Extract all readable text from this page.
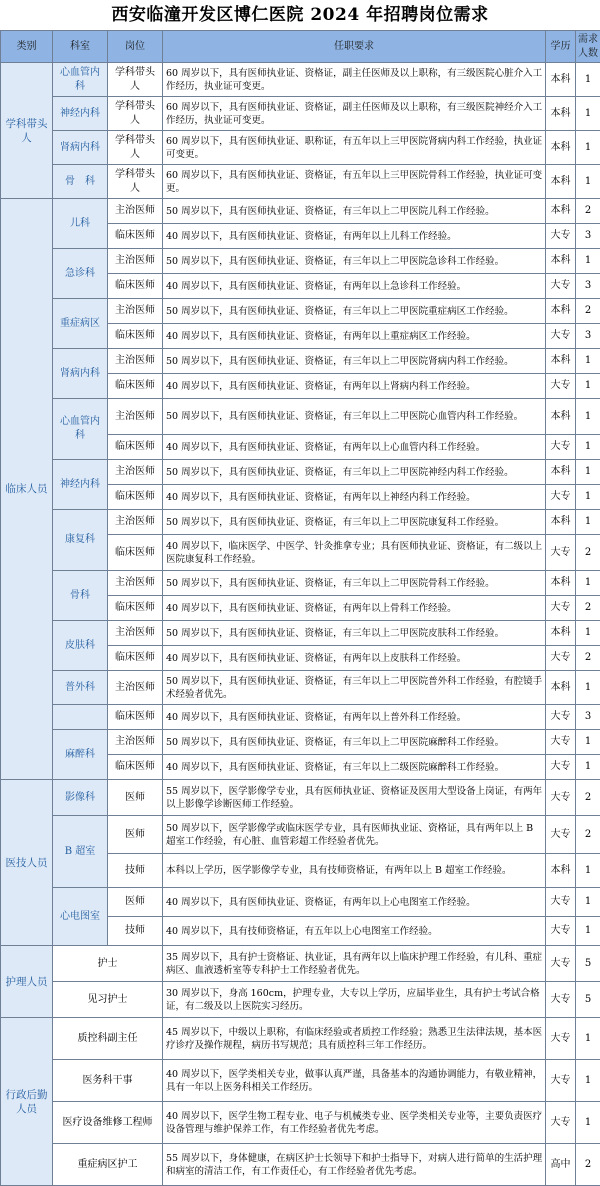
西安临潼开发区博仁医院 2024 年招聘岗位需求
类别	科室	岗位	任职要求	学历	需求人数
学科带头人	心血管内科	学科带头人	60 周岁以下，具有医师执业证、资格证，副主任医师及以上职称，有三级医院心脏介入工作经历，执业证可变更。	本科	1
	神经内科	学科带头人	60 周岁以下，具有医师执业证、资格证，副主任医师及以上职称，有三级医院神经介入工作经历，执业证可变更。	本科	1
	肾病内科	学科带头人	60 周岁以下，具有医师执业证、职称证，有五年以上三甲医院肾病内科工作经验，执业证可变更。	本科	1
	骨　科	学科带头人	60 周岁以下，具有医师执业证、资格证，有五年以上三甲医院骨科工作经验，执业证可变更。	本科	1
临床人员	儿科	主治医师	50 周岁以下，具有医师执业证、资格证，有三年以上二甲医院儿科工作经验。	本科	2
		临床医师	40 周岁以下，具有医师执业证、资格证，有两年以上儿科工作经验。	大专	3
	急诊科	主治医师	50 周岁以下，具有医师执业证、资格证，有三年以上二甲医院急诊科工作经验。	本科	1
		临床医师	40 周岁以下，具有医师执业证、资格证，有两年以上急诊科工作经验。	大专	3
	重症病区	主治医师	50 周岁以下，具有医师执业证、资格证，有三年以上二甲医院重症病区工作经验。	本科	2
		临床医师	40 周岁以下，具有医师执业证、资格证，有两年以上重症病区工作经验。	大专	3
	肾病内科	主治医师	50 周岁以下，具有医师执业证、资格证，有三年以上二甲医院肾病内科工作经验。	本科	1
		临床医师	40 周岁以下，具有医师执业证、资格证，有两年以上肾病内科工作经验。	大专	1
	心血管内科	主治医师	50 周岁以下，具有医师执业证、资格证，有三年以上二甲医院心血管内科工作经验。	本科	1
		临床医师	40 周岁以下，具有医师执业证、资格证，有两年以上心血管内科工作经验。	大专	1
	神经内科	主治医师	50 周岁以下，具有医师执业证、资格证，有三年以上二甲医院神经内科工作经验。	本科	1
		临床医师	40 周岁以下，具有医师执业证、资格证，有两年以上神经内科工作经验。	大专	1
	康复科	主治医师	50 周岁以下，具有医师执业证、资格证，有三年以上二甲医院康复科工作经验。	本科	1
		临床医师	40 周岁以下，临床医学、中医学、针灸推拿专业；具有医师执业证、资格证，有二级以上医院康复科工作经验。	大专	2
	骨科	主治医师	50 周岁以下，具有医师执业证、资格证，有三年以上二甲医院骨科工作经验。	本科	1
		临床医师	40 周岁以下，具有医师执业证、资格证，有两年以上骨科工作经验。	大专	2
	皮肤科	主治医师	50 周岁以下，具有医师执业证、资格证，有三年以上二甲医院皮肤科工作经验。	本科	1
		临床医师	40 周岁以下，具有医师执业证、资格证，有两年以上皮肤科工作经验。	大专	2
	普外科	主治医师	50 周岁以下，具有医师执业证、资格证，有三年以上二甲医院普外科工作经验，有腔镜手术经验者优先。	本科	1
		临床医师	40 周岁以下，具有医师执业证、资格证，有两年以上普外科工作经验。	大专	3
	麻醉科	主治医师	50 周岁以下，具有医师执业证、资格证，有三年以上二甲医院麻醉科工作经验。	大专	1
		临床医师	40 周岁以下，具有医师执业证、资格证，有三年以上二级医院麻醉科工作经验。	大专	1
医技人员	影像科	医师	55 周岁以下，医学影像学专业，具有医师执业证、资格证及医用大型设备上岗证，有两年以上影像学诊断医师工作经验。	大专	2
	B 超室	医师	50 周岁以下，医学影像学或临床医学专业，具有医师执业证、资格证，具有两年以上 B 超室工作经验，有心脏、血管彩超工作经验者优先。	大专	2
		技师	本科以上学历，医学影像学专业，具有技师资格证，有两年以上 B 超室工作经验。	本科	1
	心电图室	医师	40 周岁以下，具有医师执业证、资格证，有两年以上心电图室工作经验。	大专	1
		技师	40 周岁以下，具有技师资格证，有五年以上心电图室工作经验。	大专	1
护理人员	护士		35 周岁以下，具有护士资格证、执业证，具有两年以上临床护理工作经验，有儿科、重症病区、血液透析室等专科护士工作经验者优先。	大专	5
	见习护士		30 周岁以下，身高 160cm，护理专业，大专以上学历，应届毕业生，具有护士考试合格证，有二级及以上医院实习经历。	大专	5
行政后勤人员	质控科副主任		45 周岁以下，中级以上职称，有临床经验或者质控工作经验；熟悉卫生法律法规，基本医疗诊疗及操作规程，病历书写规范；具有质控科三年工作经历。	大专	1
	医务科干事		40 周岁以下，医学类相关专业，做事认真严谨，具备基本的沟通协调能力，有敬业精神，具有一年以上医务科相关工作经历。	大专	1
	医疗设备维修工程师		40 周岁以下，医学生物工程专业、电子与机械类专业、医学类相关专业等，主要负责医疗设备管理与维护保养工作，有工作经验者优先考虑。	大专	1
	重症病区护工		55 周岁以下，身体健康，在病区护士长领导下和护士指导下，对病人进行简单的生活护理和病室的清洁工作，有工作责任心，有工作经验者优先考虑。	高中	2
